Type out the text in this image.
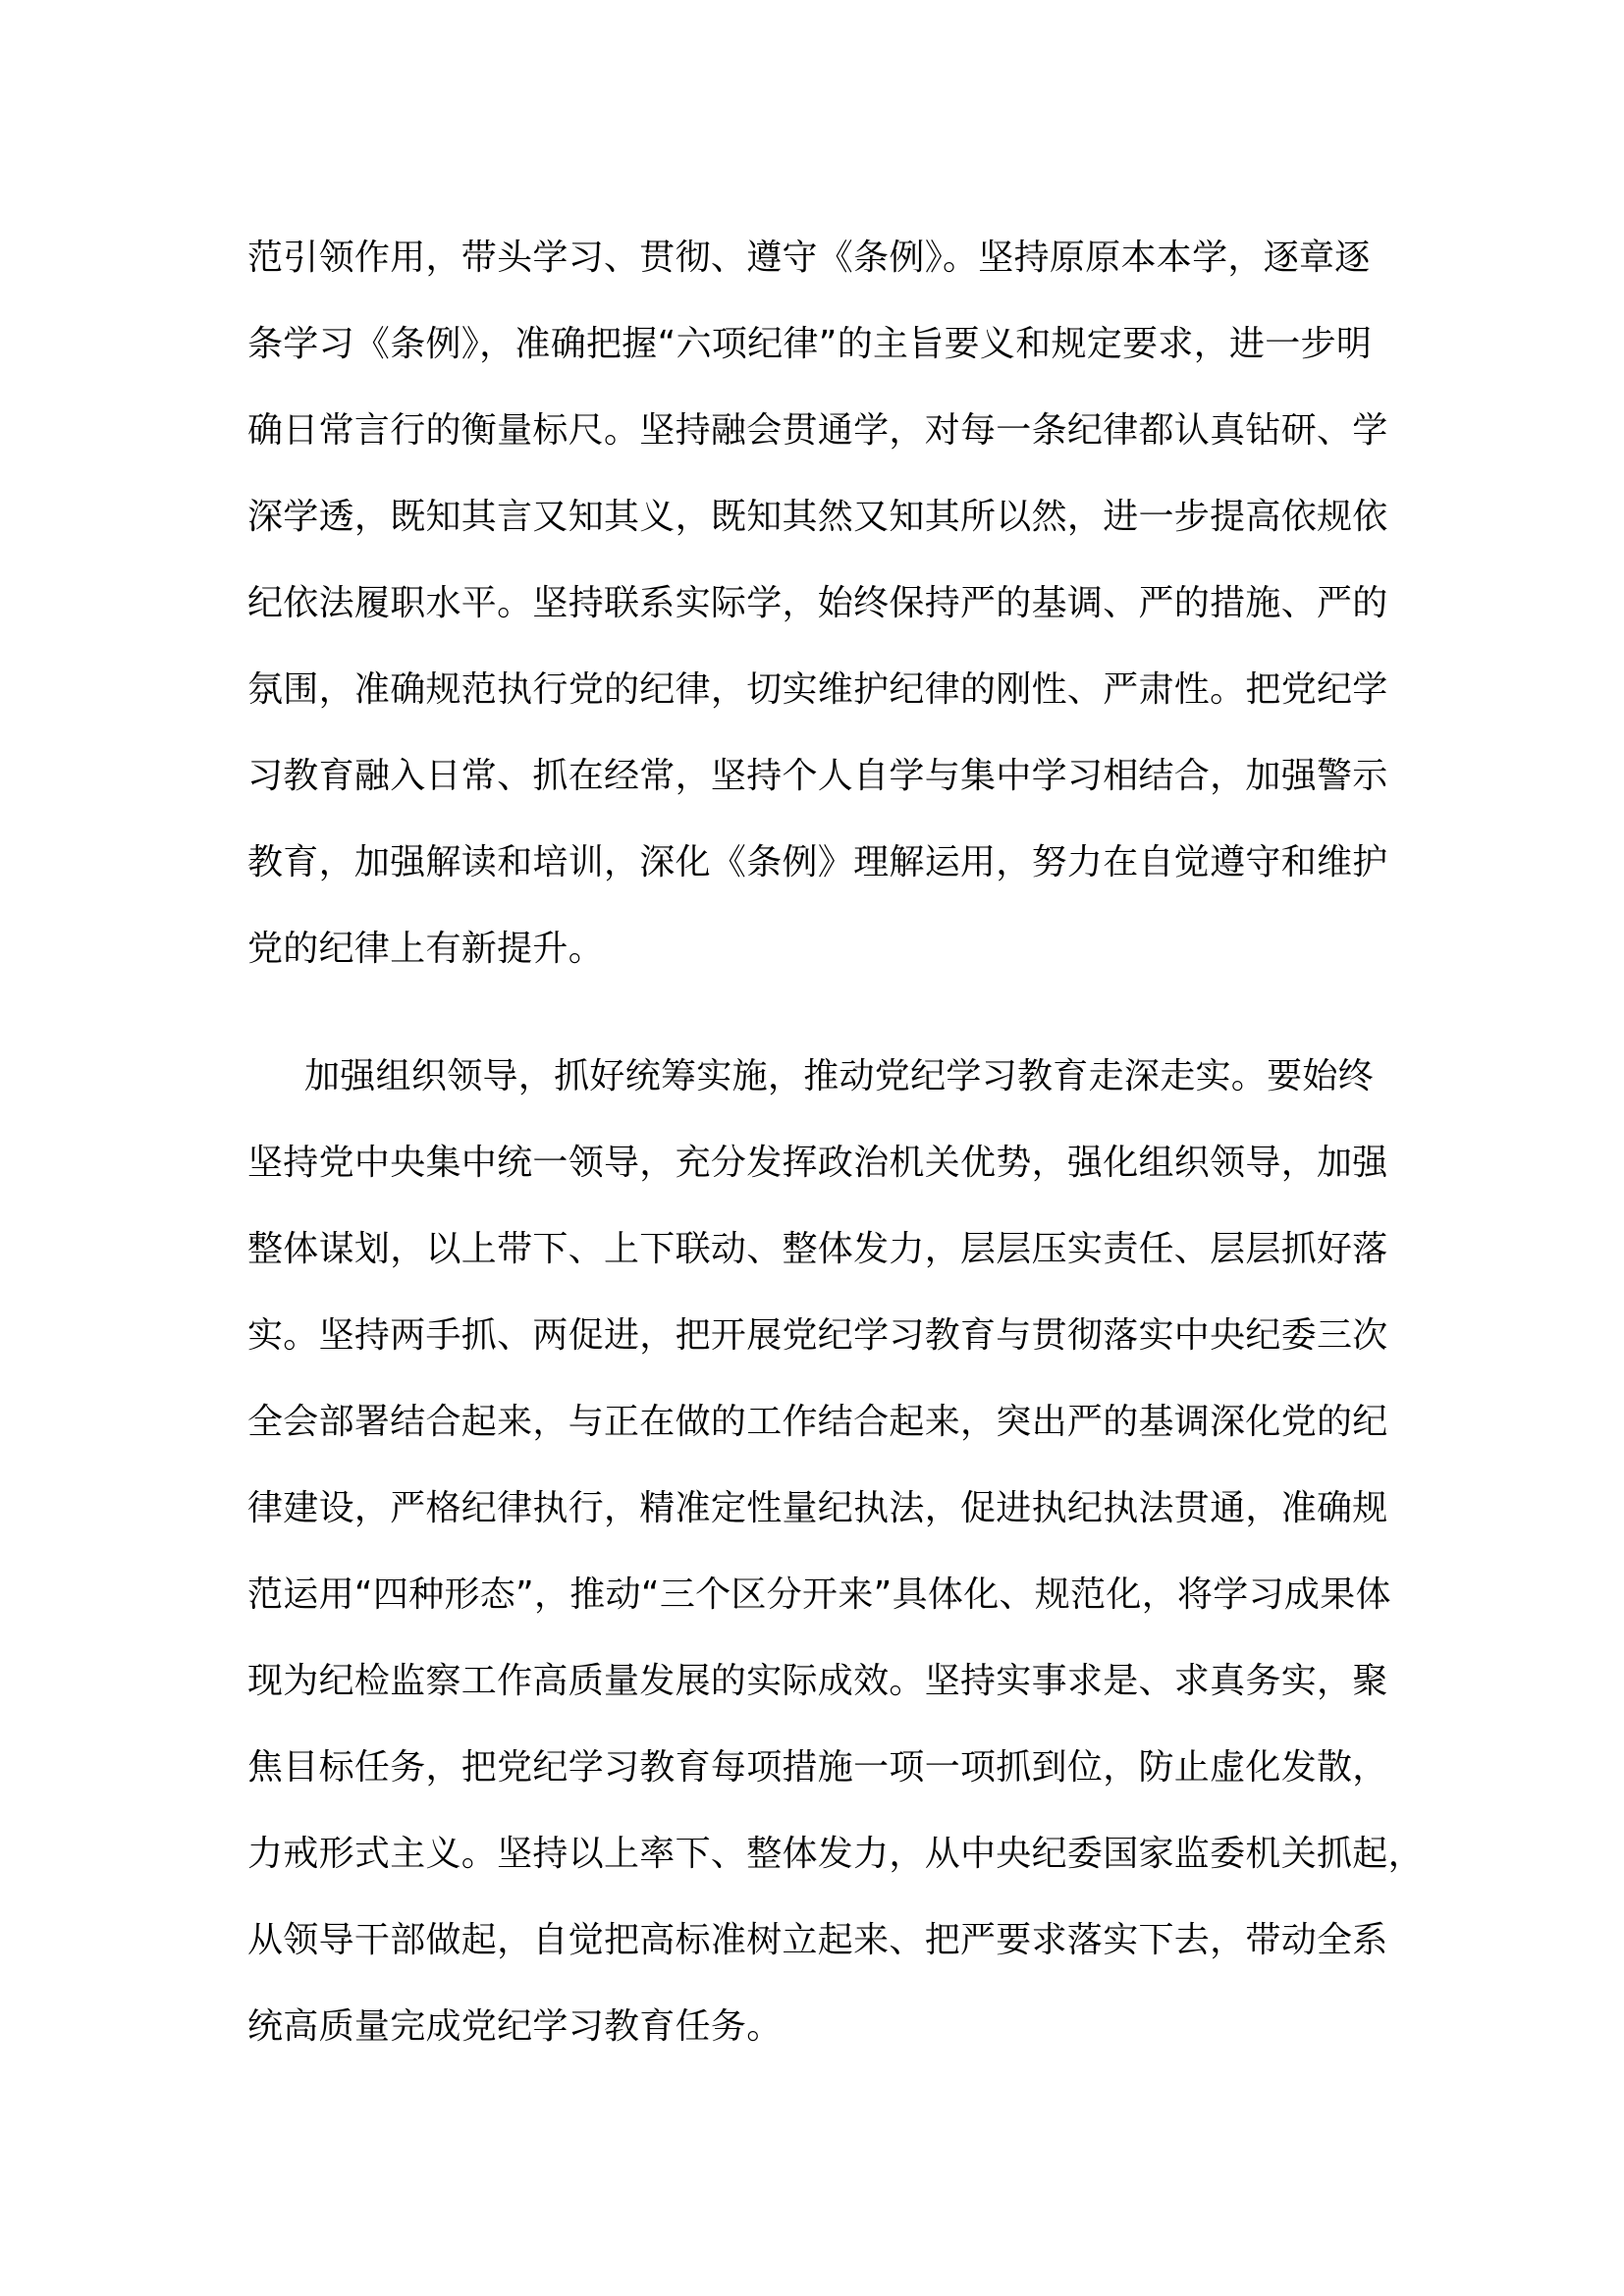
范引领作用，带头学习、贯彻、遵守《条例》。坚持原原本本学，逐章逐
条学习《条例》，准确把握“六项纪律”的主旨要义和规定要求，进一步明
确日常言行的衡量标尺。坚持融会贯通学，对每一条纪律都认真钻研、学
深学透，既知其言又知其义，既知其然又知其所以然，进一步提高依规依
纪依法履职水平。坚持联系实际学，始终保持严的基调、严的措施、严的
氛围，准确规范执行党的纪律，切实维护纪律的刚性、严肃性。把党纪学
习教育融入日常、抓在经常，坚持个人自学与集中学习相结合，加强警示
教育，加强解读和培训，深化《条例》理解运用，努力在自觉遵守和维护
党的纪律上有新提升。
加强组织领导，抓好统筹实施，推动党纪学习教育走深走实。要始终
坚持党中央集中统一领导，充分发挥政治机关优势，强化组织领导，加强
整体谋划，以上带下、上下联动、整体发力，层层压实责任、层层抓好落
实。坚持两手抓、两促进，把开展党纪学习教育与贯彻落实中央纪委三次
全会部署结合起来，与正在做的工作结合起来，突出严的基调深化党的纪
律建设，严格纪律执行，精准定性量纪执法，促进执纪执法贯通，准确规
范运用“四种形态”，推动“三个区分开来”具体化、规范化，将学习成果体
现为纪检监察工作高质量发展的实际成效。坚持实事求是、求真务实，聚
焦目标任务，把党纪学习教育每项措施一项一项抓到位，防止虚化发散，
力戒形式主义。坚持以上率下、整体发力，从中央纪委国家监委机关抓起，
从领导干部做起，自觉把高标准树立起来、把严要求落实下去，带动全系
统高质量完成党纪学习教育任务。
